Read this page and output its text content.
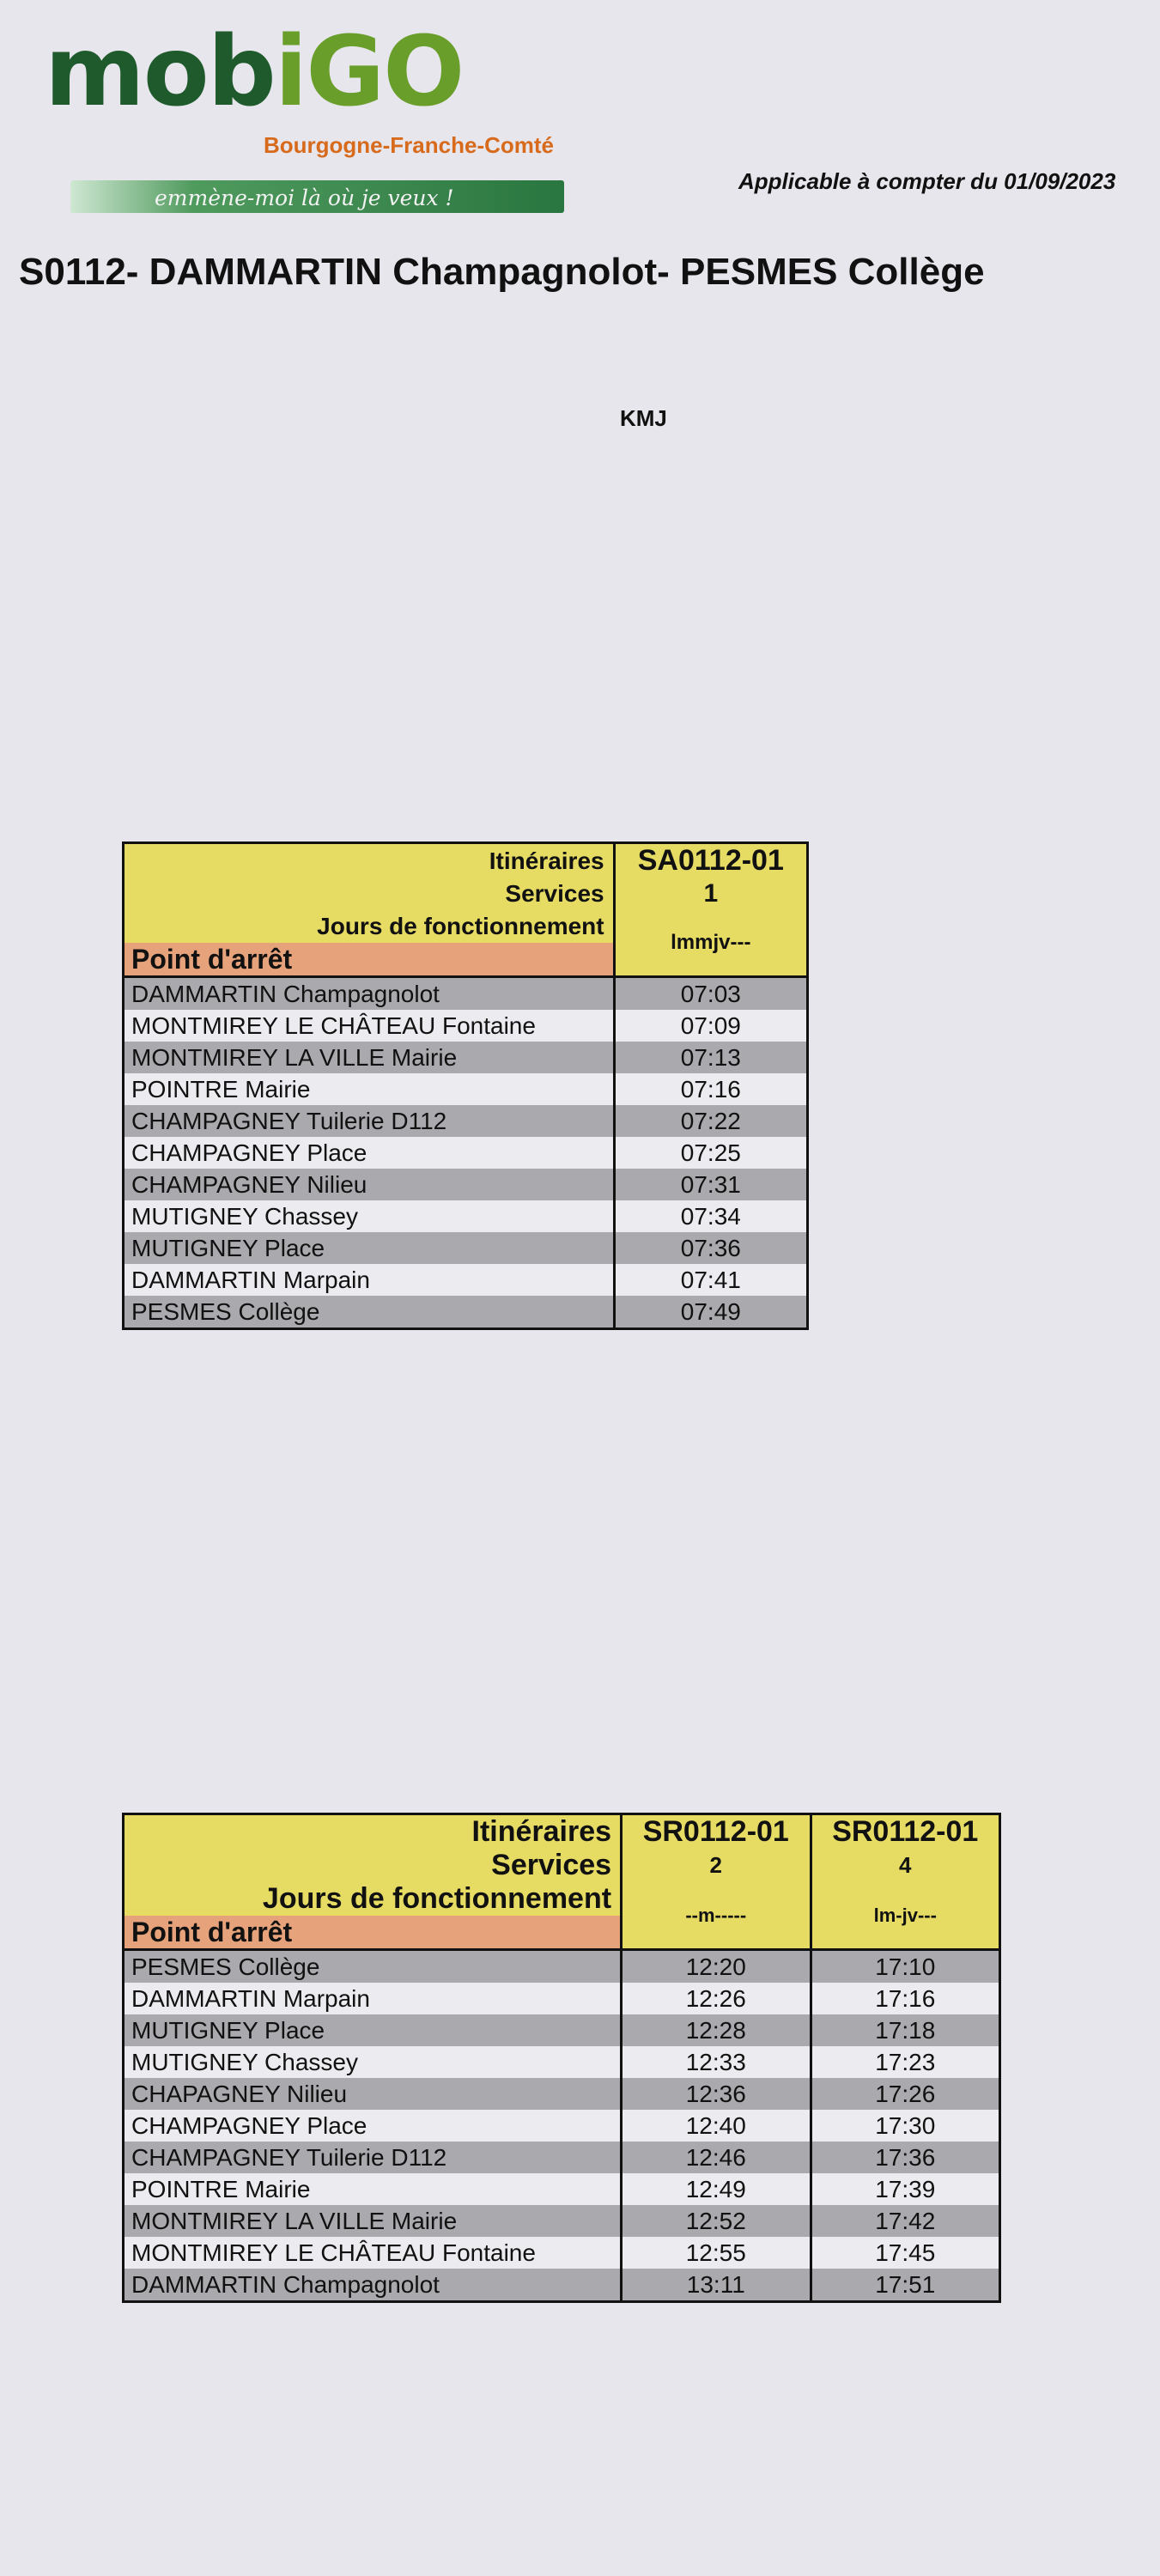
mobiGO
Bourgogne-Franche-Comté
emmène-moi là où je veux !
Applicable à compter du 01/09/2023
S0112- DAMMARTIN Champagnolot- PESMES Collège
KMJ
Itinéraires	SA0112-01
Services	1
Jours de fonctionnement	lmmjv---
Point d'arrêt	
DAMMARTIN Champagnolot	07:03
MONTMIREY LE CHÂTEAU Fontaine	07:09
MONTMIREY LA VILLE Mairie	07:13
POINTRE Mairie	07:16
CHAMPAGNEY Tuilerie D112	07:22
CHAMPAGNEY Place	07:25
CHAMPAGNEY Nilieu	07:31
MUTIGNEY Chassey	07:34
MUTIGNEY Place	07:36
DAMMARTIN Marpain	07:41
PESMES Collège	07:49
Itinéraires	SR0112-01	SR0112-01
Services	2	4
Jours de fonctionnement	--m-----	lm-jv---
Point d'arrêt		
PESMES Collège	12:20	17:10
DAMMARTIN Marpain	12:26	17:16
MUTIGNEY Place	12:28	17:18
MUTIGNEY Chassey	12:33	17:23
CHAPAGNEY Nilieu	12:36	17:26
CHAMPAGNEY Place	12:40	17:30
CHAMPAGNEY Tuilerie D112	12:46	17:36
POINTRE Mairie	12:49	17:39
MONTMIREY LA VILLE Mairie	12:52	17:42
MONTMIREY LE CHÂTEAU Fontaine	12:55	17:45
DAMMARTIN Champagnolot	13:11	17:51
